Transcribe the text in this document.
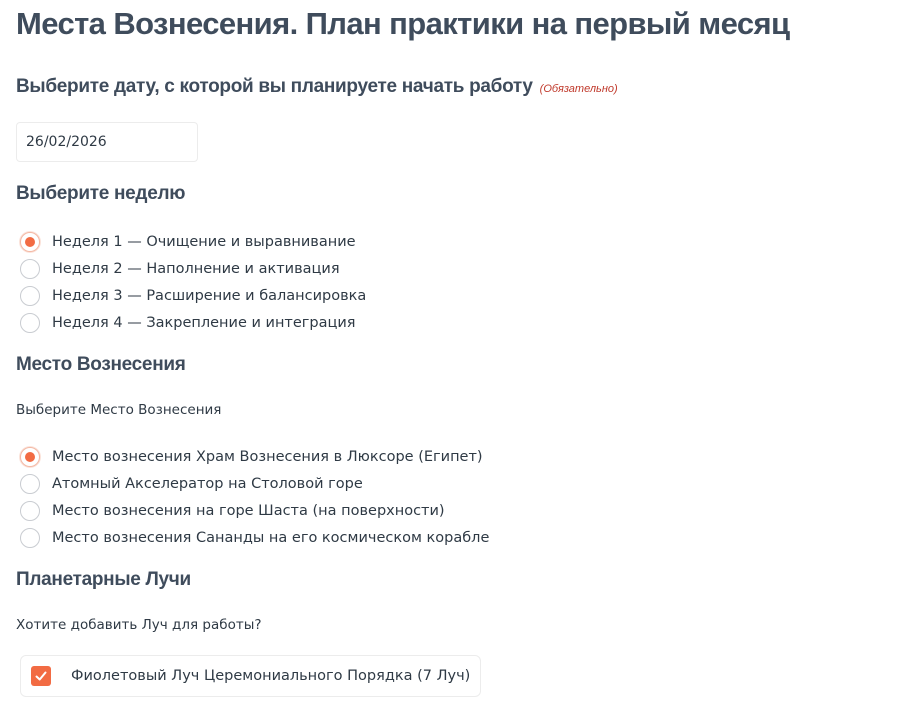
Места Вознесения. План практики на первый месяц
Выберите дату, с которой вы планируете начать работу (Обязательно)
26/02/2026
Выберите неделю
Неделя 1 — Очищение и выравнивание
Неделя 2 — Наполнение и активация
Неделя 3 — Расширение и балансировка
Неделя 4 — Закрепление и интеграция
Место Вознесения

Выберите Место Вознесения

Место вознесения Храм Вознесения в Люксоре (Египет)
Атомный Акселератор на Столовой горе
Место вознесения на горе Шаста (на поверхности)
Место вознесения Сананды на его космическом корабле
Планетарные Лучи

Хотите добавить Луч для работы?

Фиолетовый Луч Церемониального Порядка (7 Луч)
